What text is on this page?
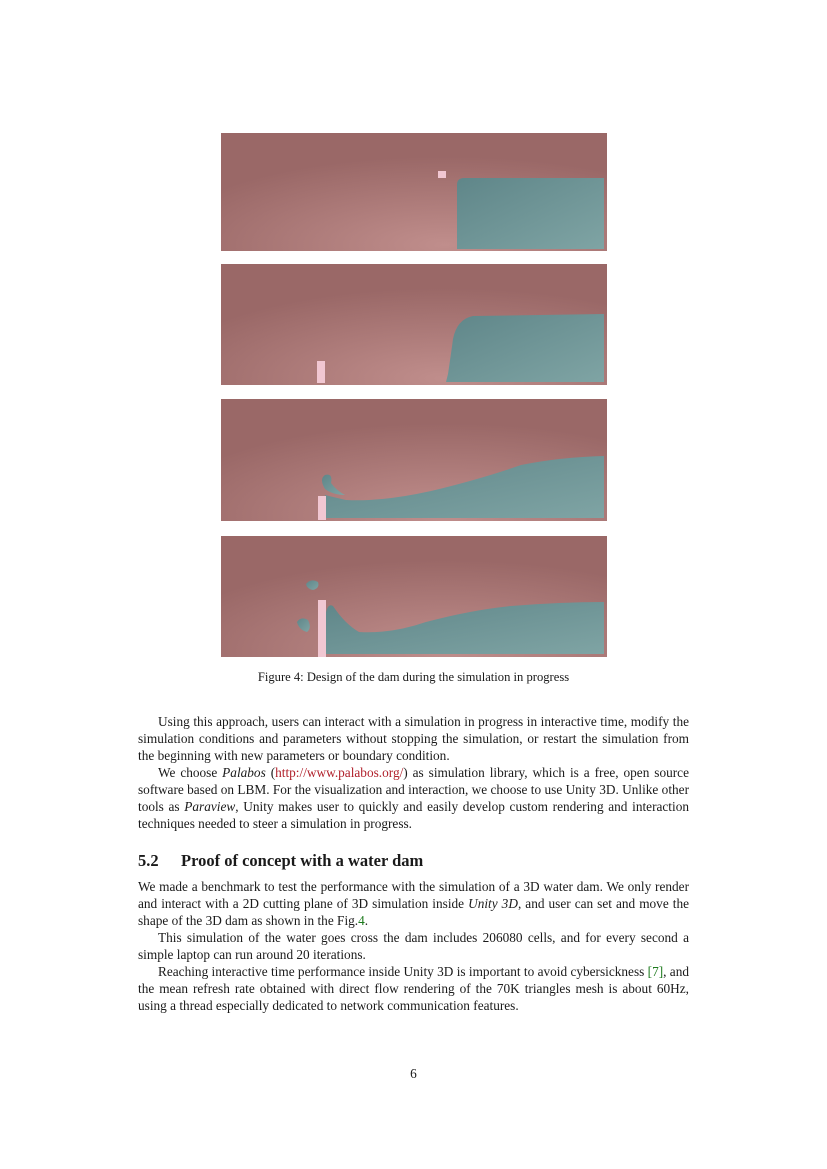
Figure 4: Design of the dam during the simulation in progress

Using this approach, users can interact with a simulation in progress in interactive time, modify the simulation conditions and parameters without stopping the simulation, or restart the simulation from the beginning with new parameters or boundary condition.

We choose Palabos (http://www.palabos.org/) as simulation library, which is a free, open source software based on LBM. For the visualization and interaction, we choose to use Unity 3D. Unlike other tools as Paraview, Unity makes user to quickly and easily develop custom rendering and interaction techniques needed to steer a simulation in progress.

5.2 Proof of concept with a water dam

We made a benchmark to test the performance with the simulation of a 3D water dam. We only render and interact with a 2D cutting plane of 3D simulation inside Unity 3D, and user can set and move the shape of the 3D dam as shown in the Fig.4.

This simulation of the water goes cross the dam includes 206080 cells, and for every second a simple laptop can run around 20 iterations.

Reaching interactive time performance inside Unity 3D is important to avoid cybersickness [7], and the mean refresh rate obtained with direct flow rendering of the 70K triangles mesh is about 60Hz, using a thread especially dedicated to network communication features.

6
